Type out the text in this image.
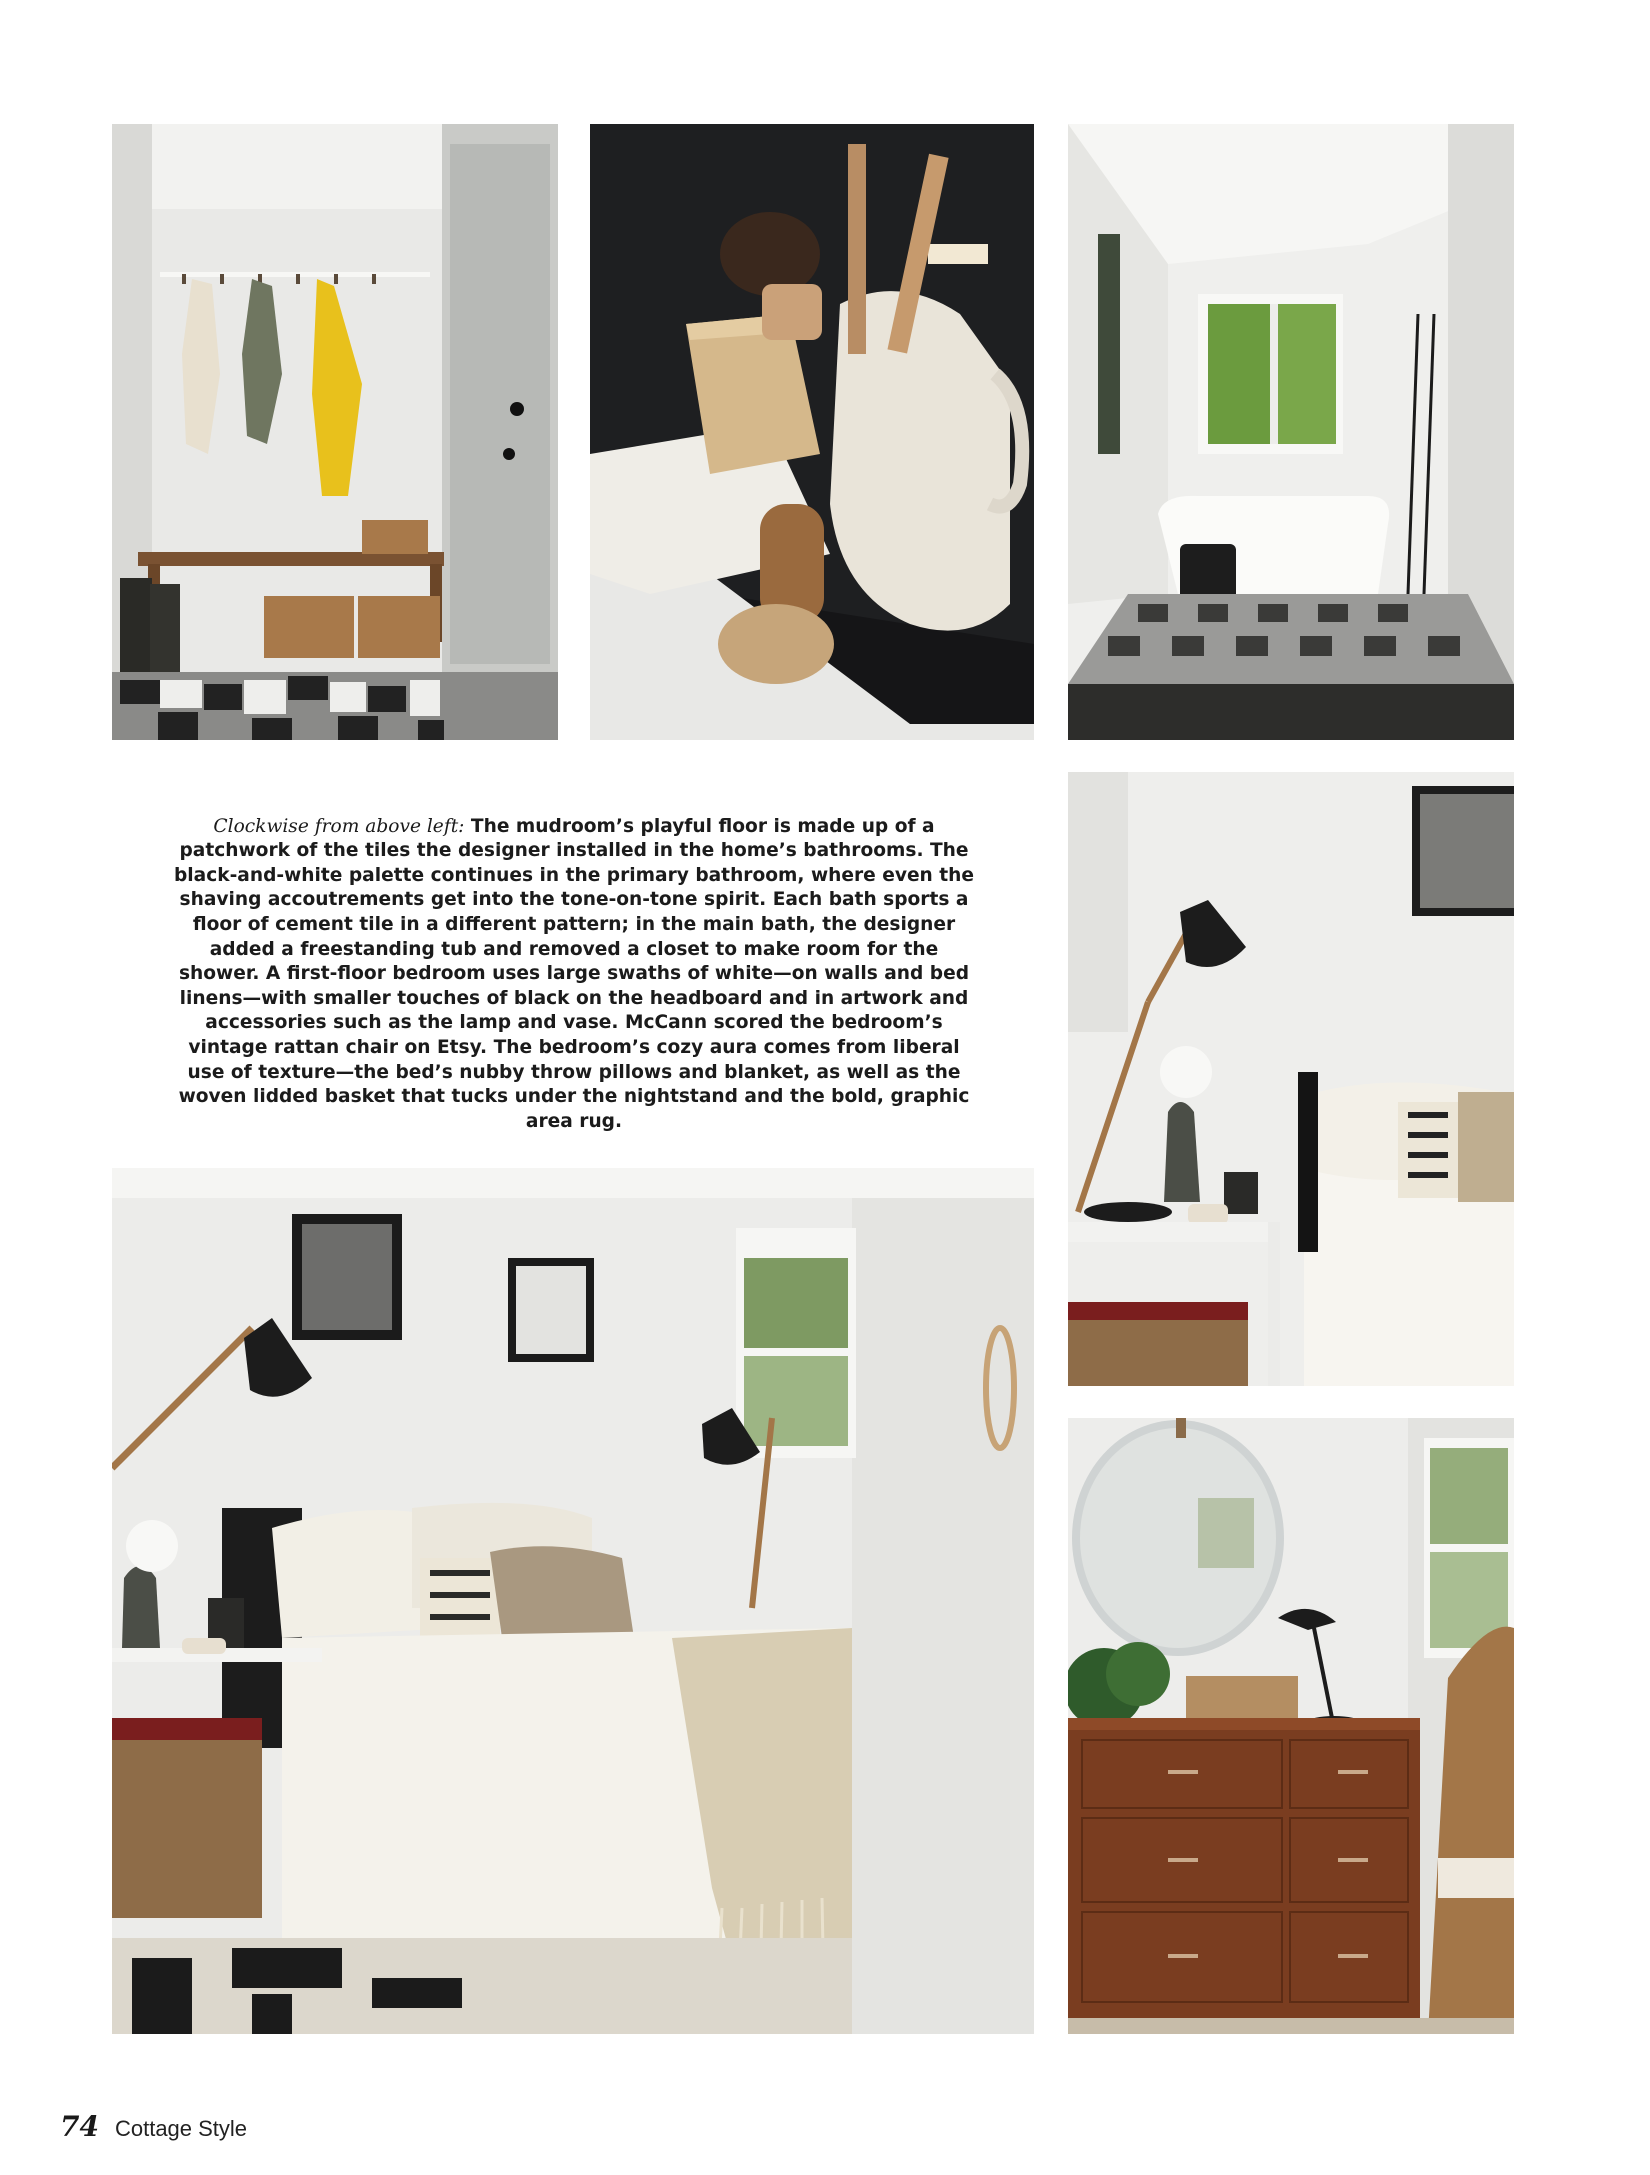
Clockwise from above left: The mudroom’s playful floor is made up of a patchwork of the tiles the designer installed in the home’s bathrooms. The black-and-white palette continues in the primary bathroom, where even the shaving accoutrements get into the tone-on-tone spirit. Each bath sports a floor of cement tile in a different pattern; in the main bath, the designer added a freestanding tub and removed a closet to make room for the shower. A first-floor bedroom uses large swaths of white—on walls and bed linens—with smaller touches of black on the headboard and in artwork and accessories such as the lamp and vase. McCann scored the bedroom’s vintage rattan chair on Etsy. The bedroom’s cozy aura comes from liberal use of texture—the bed’s nubby throw pillows and blanket, as well as the woven lidded basket that tucks under the nightstand and the bold, graphic area rug.

74 Cottage Style
